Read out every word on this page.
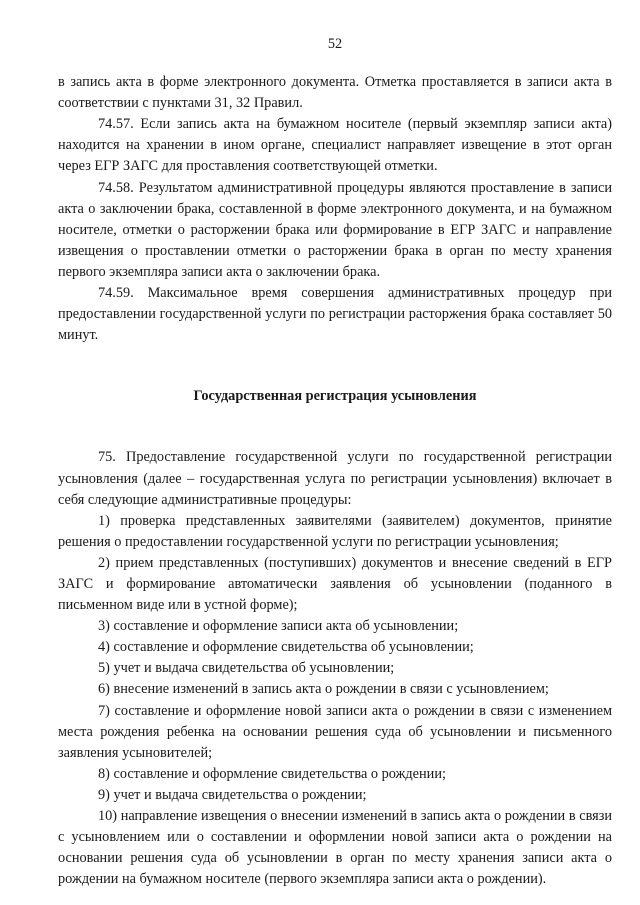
52

в запись акта в форме электронного документа. Отметка проставляется в записи акта в соответствии с пунктами 31, 32 Правил.

74.57. Если запись акта на бумажном носителе (первый экземпляр записи акта) находится на хранении в ином органе, специалист направляет извещение в этот орган через ЕГР ЗАГС для проставления соответствующей отметки.

74.58. Результатом административной процедуры являются проставление в записи акта о заключении брака, составленной в форме электронного документа, и на бумажном носителе, отметки о расторжении брака или формирование в ЕГР ЗАГС и направление извещения о проставлении отметки о расторжении брака в орган по месту хранения первого экземпляра записи акта о заключении брака.

74.59. Максимальное время совершения административных процедур при предоставлении государственной услуги по регистрации расторжения брака составляет 50 минут.

Государственная регистрация усыновления

75. Предоставление государственной услуги по государственной регистрации усыновления (далее – государственная услуга по регистрации усыновления) включает в себя следующие административные процедуры:

1) проверка представленных заявителями (заявителем) документов, принятие решения о предоставлении государственной услуги по регистрации усыновления;
2) прием представленных (поступивших) документов и внесение сведений в ЕГР ЗАГС и формирование автоматически заявления об усыновлении (поданного в письменном виде или в устной форме);
3) составление и оформление записи акта об усыновлении;
4) составление и оформление свидетельства об усыновлении;
5) учет и выдача свидетельства об усыновлении;
6) внесение изменений в запись акта о рождении в связи с усыновлением;
7) составление и оформление новой записи акта о рождении в связи с изменением места рождения ребенка на основании решения суда об усыновлении и письменного заявления усыновителей;
8) составление и оформление свидетельства о рождении;
9) учет и выдача свидетельства о рождении;
10) направление извещения о внесении изменений в запись акта о рождении в связи с усыновлением или о составлении и оформлении новой записи акта о рождении на основании решения суда об усыновлении в орган по месту хранения записи акта о рождении на бумажном носителе (первого экземпляра записи акта о рождении).
